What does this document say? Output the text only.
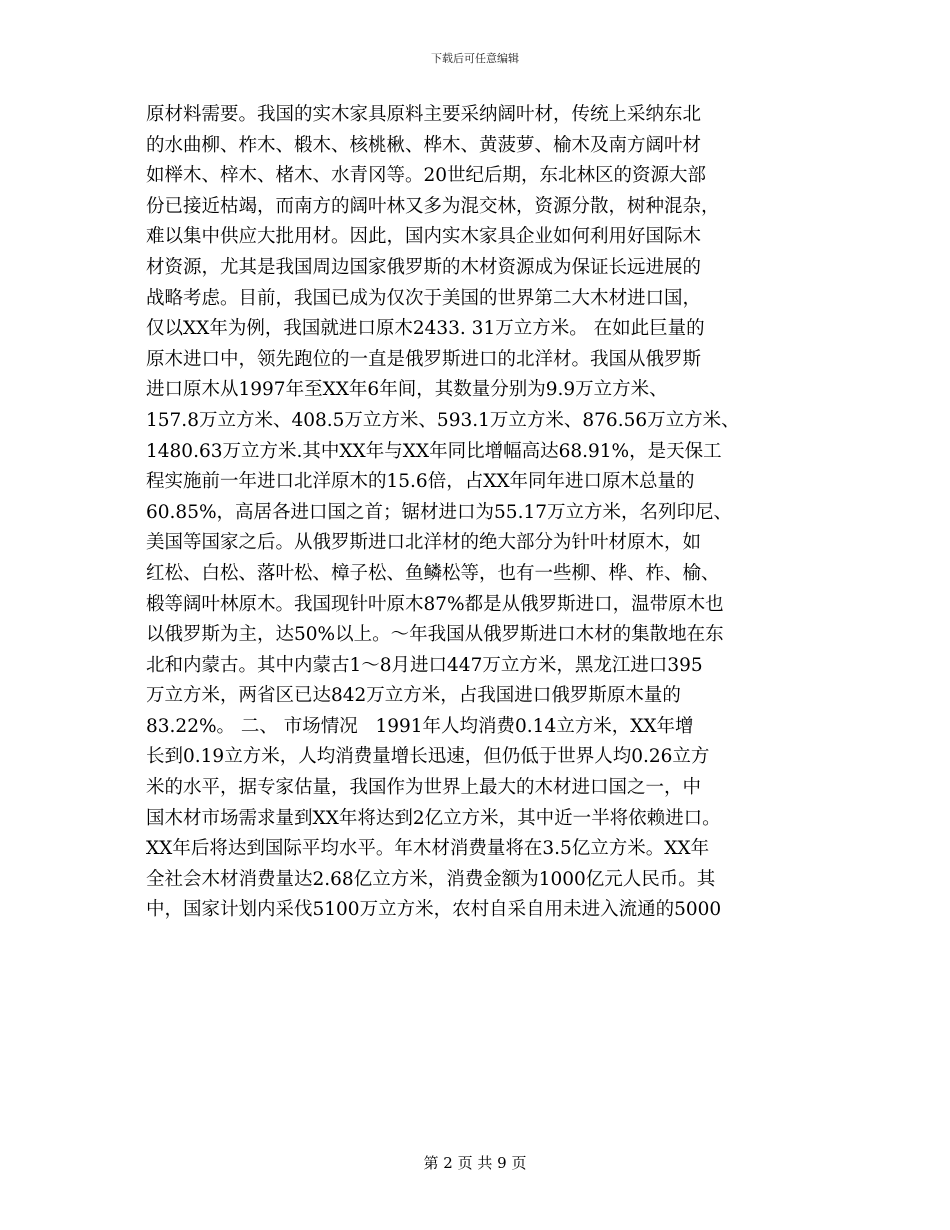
下载后可任意编辑
原材料需要。我国的实木家具原料主要采纳阔叶材，传统上采纳东北
的水曲柳、柞木、椴木、核桃楸、桦木、黄菠萝、榆木及南方阔叶材
如榉木、梓木、楮木、水青冈等。20世纪后期，东北林区的资源大部
份已接近枯竭，而南方的阔叶林又多为混交林，资源分散，树种混杂，
难以集中供应大批用材。因此，国内实木家具企业如何利用好国际木
材资源，尤其是我国周边国家俄罗斯的木材资源成为保证长远进展的
战略考虑。目前，我国已成为仅次于美国的世界第二大木材进口国，
仅以XX年为例，我国就进口原木2433. 31万立方米。 在如此巨量的
原木进口中，领先跑位的一直是俄罗斯进口的北洋材。我国从俄罗斯
进口原木从1997年至XX年6年间，其数量分别为9.9万立方米、
157.8万立方米、408.5万立方米、593.1万立方米、876.56万立方米、
1480.63万立方米.其中XX年与XX年同比增幅高达68.91%，是天保工
程实施前一年进口北洋原木的15.6倍，占XX年同年进口原木总量的
60.85%，高居各进口国之首；锯材进口为55.17万立方米，名列印尼、
美国等国家之后。从俄罗斯进口北洋材的绝大部分为针叶材原木，如
红松、白松、落叶松、樟子松、鱼鳞松等，也有一些柳、桦、柞、榆、
椴等阔叶林原木。我国现针叶原木87%都是从俄罗斯进口，温带原木也
以俄罗斯为主，达50%以上。～年我国从俄罗斯进口木材的集散地在东
北和内蒙古。其中内蒙古1～8月进口447万立方米，黑龙江进口395
万立方米，两省区已达842万立方米，占我国进口俄罗斯原木量的
83.22%。 二、 市场情况   1991年人均消费0.14立方米，XX年增
长到0.19立方米，人均消费量增长迅速，但仍低于世界人均0.26立方
米的水平，据专家估量，我国作为世界上最大的木材进口国之一，中
国木材市场需求量到XX年将达到2亿立方米，其中近一半将依赖进口。
XX年后将达到国际平均水平。年木材消费量将在3.5亿立方米。XX年
全社会木材消费量达2.68亿立方米，消费金额为1000亿元人民币。其
中，国家计划内采伐5100万立方米，农村自采自用未进入流通的5000
第 2 页 共 9 页
